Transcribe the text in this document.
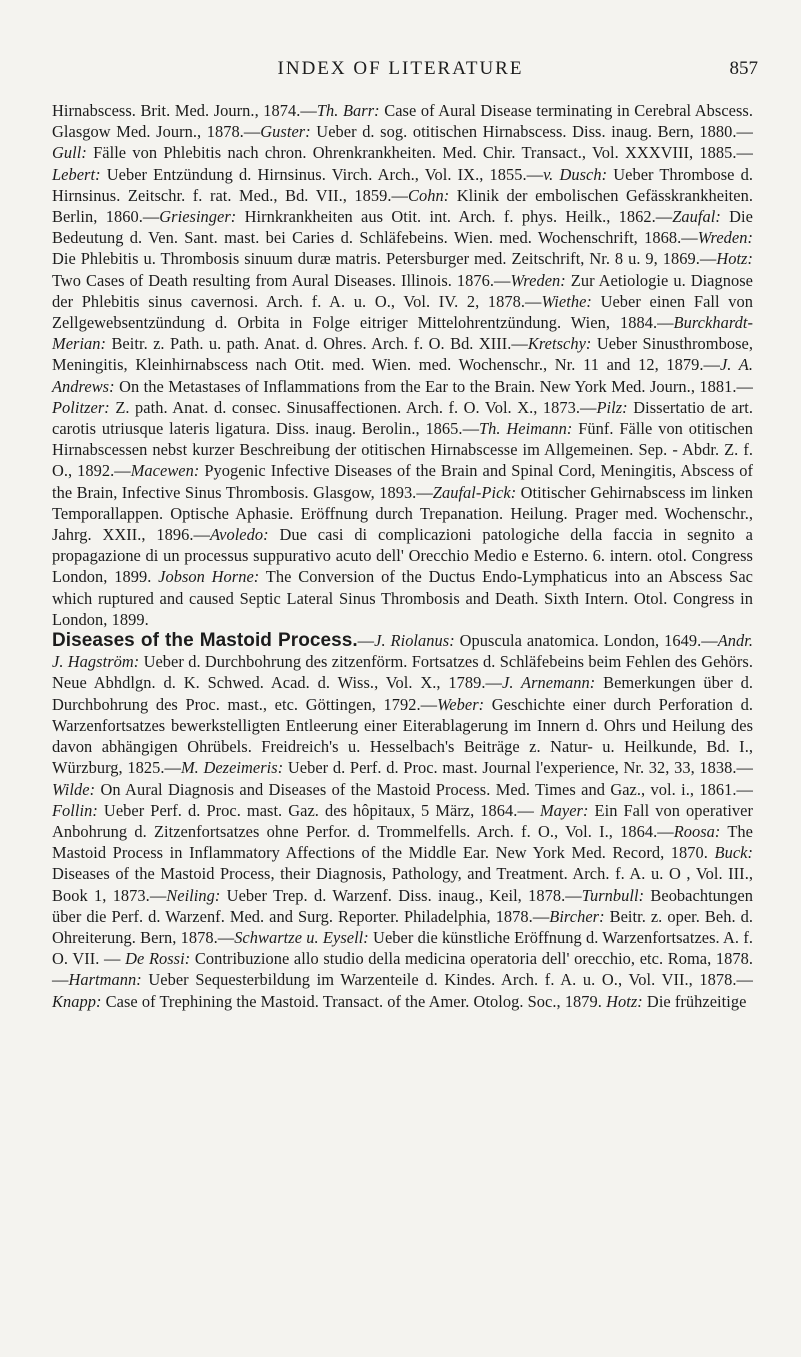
INDEX OF LITERATURE	857

Hirnabscess. Brit. Med. Journ., 1874.—Th. Barr: Case of Aural Disease terminating in Cerebral Abscess. Glasgow Med. Journ., 1878.—Guster: Ueber d. sog. otitischen Hirnabscess. Diss. inaug. Bern, 1880.—Gull: Fälle von Phlebitis nach chron. Ohrenkrankheiten. Med. Chir. Transact., Vol. XXXVIII, 1885.—Lebert: Ueber Entzündung d. Hirnsinus. Virch. Arch., Vol. IX., 1855.—v. Dusch: Ueber Thrombose d. Hirnsinus. Zeitschr. f. rat. Med., Bd. VII., 1859.—Cohn: Klinik der embolischen Gefässkrankheiten. Berlin, 1860.—Griesinger: Hirnkrankheiten aus Otit. int. Arch. f. phys. Heilk., 1862.—Zaufal: Die Bedeutung d. Ven. Sant. mast. bei Caries d. Schläfebeins. Wien. med. Wochenschrift, 1868.—Wreden: Die Phlebitis u. Thrombosis sinuum duræ matris. Petersburger med. Zeitschrift, Nr. 8 u. 9, 1869.—Hotz: Two Cases of Death resulting from Aural Diseases. Illinois. 1876.—Wreden: Zur Aetiologie u. Diagnose der Phlebitis sinus cavernosi. Arch. f. A. u. O., Vol. IV. 2, 1878.—Wiethe: Ueber einen Fall von Zellgewebsentzündung d. Orbita in Folge eitriger Mittelohrentzündung. Wien, 1884.—Burckhardt-Merian: Beitr. z. Path. u. path. Anat. d. Ohres. Arch. f. O. Bd. XIII.—Kretschy: Ueber Sinusthrombose, Meningitis, Kleinhirnabscess nach Otit. med. Wien. med. Wochenschr., Nr. 11 and 12, 1879.—J. A. Andrews: On the Metastases of Inflammations from the Ear to the Brain. New York Med. Journ., 1881.—Politzer: Z. path. Anat. d. consec. Sinusaffectionen. Arch. f. O. Vol. X., 1873.—Pilz: Dissertatio de art. carotis utriusque lateris ligatura. Diss. inaug. Berolin., 1865.—Th. Heimann: Fünf. Fälle von otitischen Hirnabscessen nebst kurzer Beschreibung der otitischen Hirnabscesse im Allgemeinen. Sep. - Abdr. Z. f. O., 1892.—Macewen: Pyogenic Infective Diseases of the Brain and Spinal Cord, Meningitis, Abscess of the Brain, Infective Sinus Thrombosis. Glasgow, 1893.—Zaufal-Pick: Otitischer Gehirnabscess im linken Temporallappen. Optische Aphasie. Eröffnung durch Trepanation. Heilung. Prager med. Wochenschr., Jahrg. XXII., 1896.—Avoledo: Due casi di complicazioni patologiche della faccia in segnito a propagazione di un processus suppurativo acuto dell' Orecchio Medio e Esterno. 6. intern. otol. Congress London, 1899. Jobson Horne: The Conversion of the Ductus Endo-Lymphaticus into an Abscess Sac which ruptured and caused Septic Lateral Sinus Thrombosis and Death. Sixth Intern. Otol. Congress in London, 1899.

Diseases of the Mastoid Process.—J. Riolanus: Opuscula anatomica. London, 1649.—Andr. J. Hagström: Ueber d. Durchbohrung des zitzenförm. Fortsatzes d. Schläfebeins beim Fehlen des Gehörs. Neue Abhdlgn. d. K. Schwed. Acad. d. Wiss., Vol. X., 1789.—J. Arnemann: Bemerkungen über d. Durchbohrung des Proc. mast., etc. Göttingen, 1792.—Weber: Geschichte einer durch Perforation d. Warzenfortsatzes bewerkstelligten Entleerung einer Eiterablagerung im Innern d. Ohrs und Heilung des davon abhängigen Ohrübels. Freidreich's u. Hesselbach's Beiträge z. Natur- u. Heilkunde, Bd. I., Würzburg, 1825.—M. Dezeimeris: Ueber d. Perf. d. Proc. mast. Journal l'experience, Nr. 32, 33, 1838.—Wilde: On Aural Diagnosis and Diseases of the Mastoid Process. Med. Times and Gaz., vol. i., 1861.— Follin: Ueber Perf. d. Proc. mast. Gaz. des hôpitaux, 5 März, 1864.— Mayer: Ein Fall von operativer Anbohrung d. Zitzenfortsatzes ohne Perfor. d. Trommelfells. Arch. f. O., Vol. I., 1864.—Roosa: The Mastoid Process in Inflammatory Affections of the Middle Ear. New York Med. Record, 1870. Buck: Diseases of the Mastoid Process, their Diagnosis, Pathology, and Treatment. Arch. f. A. u. O , Vol. III., Book 1, 1873.—Neiling: Ueber Trep. d. Warzenf. Diss. inaug., Keil, 1878.—Turnbull: Beobachtungen über die Perf. d. Warzenf. Med. and Surg. Reporter. Philadelphia, 1878.—Bircher: Beitr. z. oper. Beh. d. Ohreiterung. Bern, 1878.—Schwartze u. Eysell: Ueber die künstliche Eröffnung d. Warzenfortsatzes. A. f. O. VII. — De Rossi: Contribuzione allo studio della medicina operatoria dell' orecchio, etc. Roma, 1878.—Hartmann: Ueber Sequesterbildung im Warzenteile d. Kindes. Arch. f. A. u. O., Vol. VII., 1878.—Knapp: Case of Trephining the Mastoid. Transact. of the Amer. Otolog. Soc., 1879. Hotz: Die frühzeitige
